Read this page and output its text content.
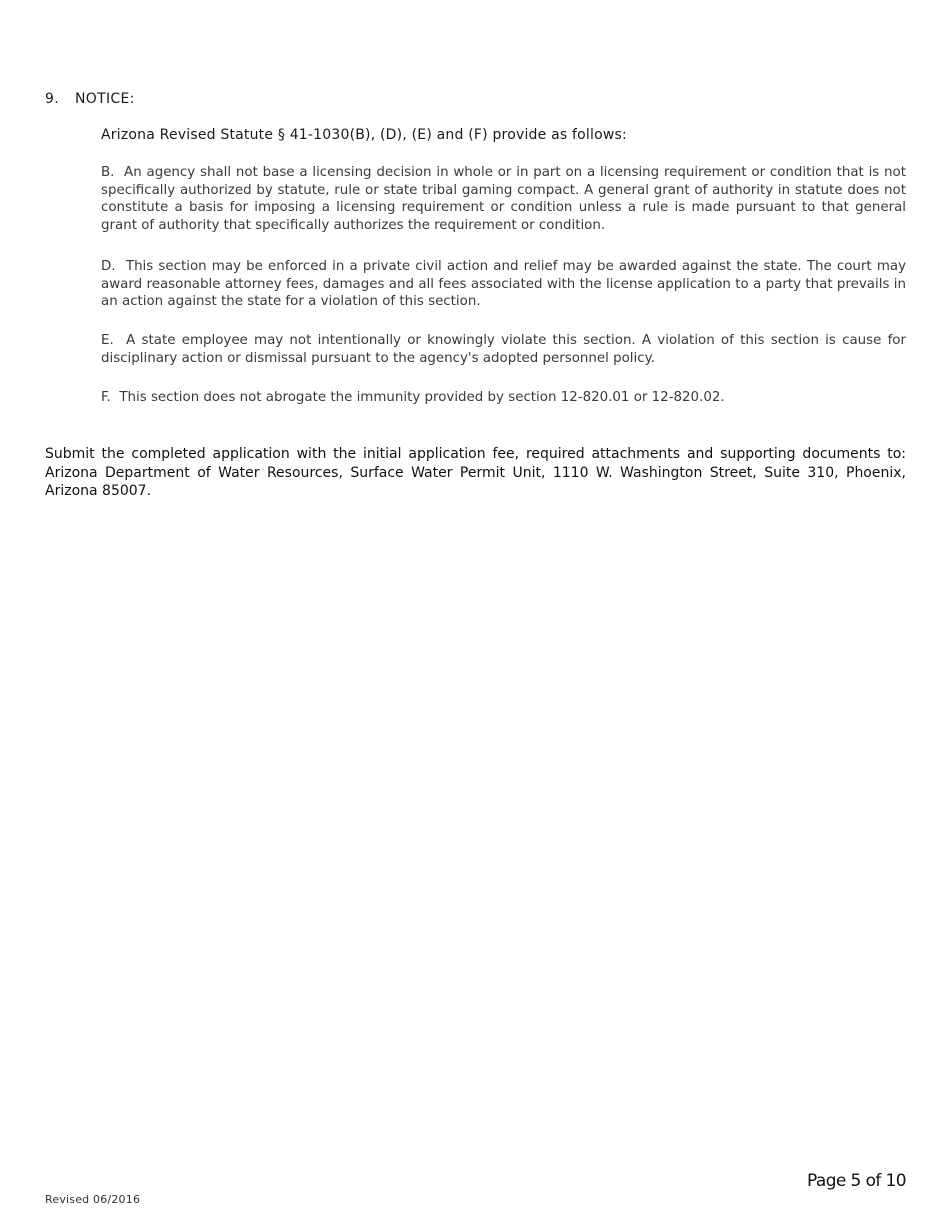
9. NOTICE:
Arizona Revised Statute § 41-1030(B), (D), (E) and (F) provide as follows:

B. An agency shall not base a licensing decision in whole or in part on a licensing requirement or condition that is not specifically authorized by statute, rule or state tribal gaming compact. A general grant of authority in statute does not constitute a basis for imposing a licensing requirement or condition unless a rule is made pursuant to that general grant of authority that specifically authorizes the requirement or condition.

D. This section may be enforced in a private civil action and relief may be awarded against the state. The court may award reasonable attorney fees, damages and all fees associated with the license application to a party that prevails in an action against the state for a violation of this section.

E. A state employee may not intentionally or knowingly violate this section. A violation of this section is cause for disciplinary action or dismissal pursuant to the agency's adopted personnel policy.

F. This section does not abrogate the immunity provided by section 12-820.01 or 12-820.02.

Submit the completed application with the initial application fee, required attachments and supporting documents to: Arizona Department of Water Resources, Surface Water Permit Unit, 1110 W. Washington Street, Suite 310, Phoenix, Arizona 85007.

Page 5 of 10
Revised 06/2016
